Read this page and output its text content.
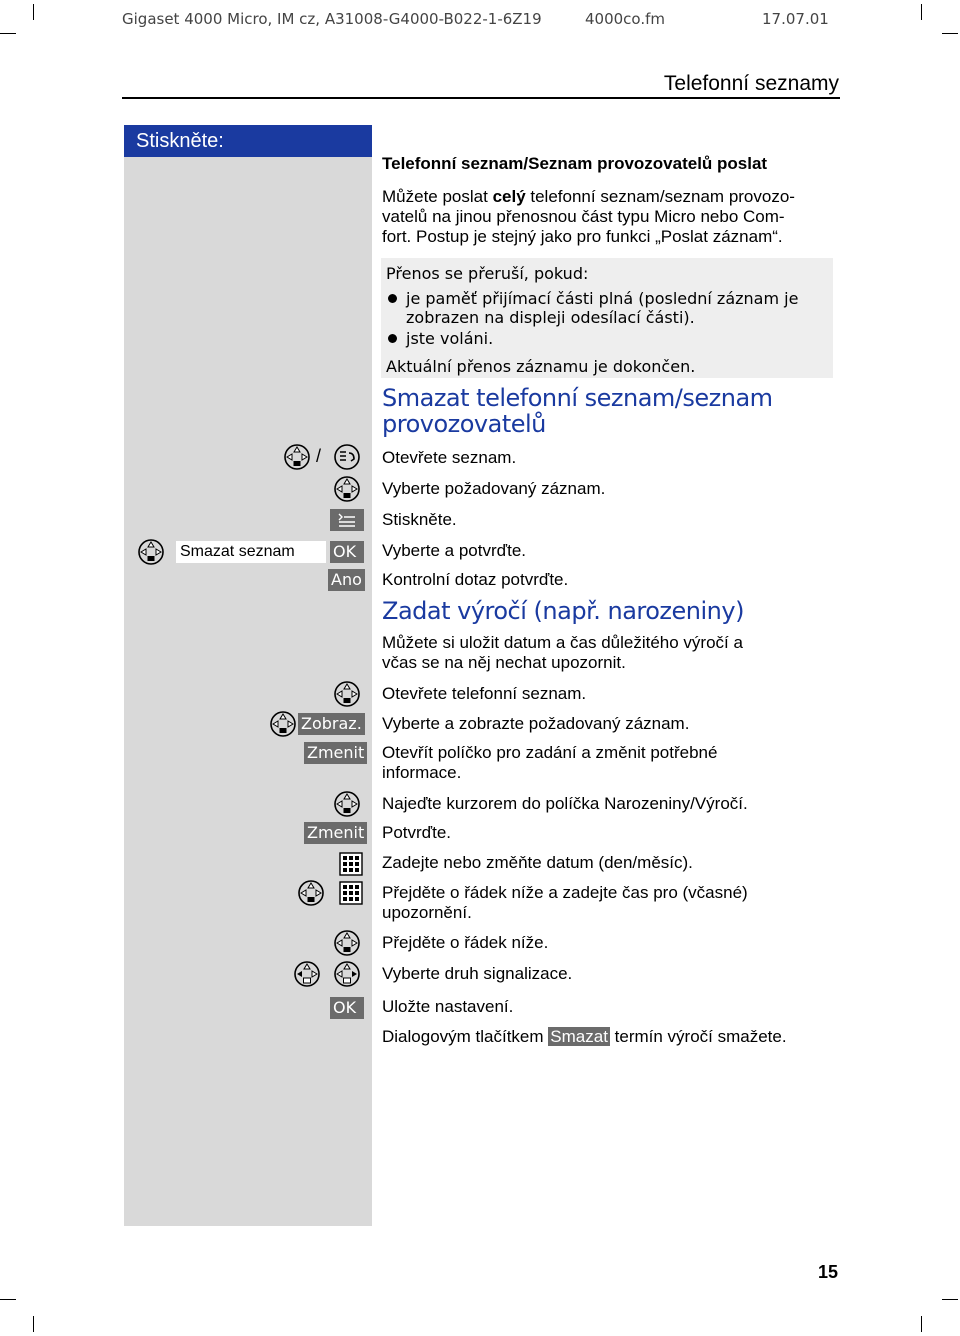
Gigaset 4000 Micro, IM cz, A31008-G4000-B022-1-6Z19	4000co.fm	17.07.01
Telefonní seznamy
Stiskněte:
Telefonní seznam/Seznam provozovatelů poslat
Můžete poslat celý telefonní seznam/seznam provozo-
vatelů na jinou přenosnou část typu Micro nebo Com-
fort. Postup je stejný jako pro funkci „Poslat záznam“.
Přenos se přeruší, pokud:
je paměť přijímací části plná (poslední záznam je
zobrazen na displeji odesílací části).
jste voláni.
Aktuální přenos záznamu je dokončen.
Smazat telefonní seznam/seznam
provozovatelů
/	Otevřete seznam.
Vyberte požadovaný záznam.
Stiskněte.
Smazat seznam	OK	Vyberte a potvrďte.
Ano Kontrolní dotaz potvrďte.
Zadat výročí (např. narozeniny)
Můžete si uložit datum a čas důležitého výročí a
včas se na něj nechat upozornit.
Otevřete telefonní seznam.
Zobraz. Vyberte a zobrazte požadovaný záznam.
Zmenit Otevřít políčko pro zadání a změnit potřebné
informace.
Najeďte kurzorem do políčka Narozeniny/Výročí.
Zmenit Potvrďte.
Zadejte nebo změňte datum (den/měsíc).
Přejděte o řádek níže a zadejte čas pro (včasné)
upozornění.
Přejděte o řádek níže.
Vyberte druh signalizace.
OK	Uložte nastavení.
Dialogovým tlačítkem Smazat termín výročí smažete.
15
